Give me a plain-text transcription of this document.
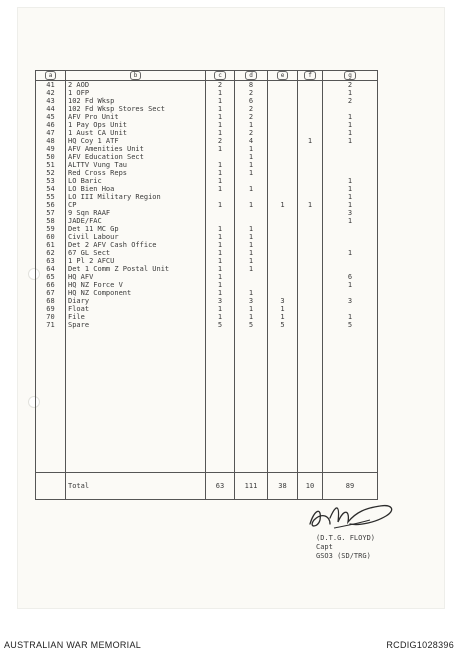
a	b	c	d	e	f	g
41	2 AOD	2	8			2
42	1 OFP	1	2			1
43	102 Fd Wksp	1	6			2
44	102 Fd Wksp Stores Sect	1	2			
45	AFV Pro Unit	1	2			1
46	1 Pay Ops Unit	1	1			1
47	1 Aust CA Unit	1	2			1
48	HQ Coy 1 ATF	2	4		1	1
49	AFV Amenities Unit	1	1			
50	AFV Education Sect		1			
51	ALTTV Vung Tau	1	1			
52	Red Cross Reps	1	1			
53	LO Baric	1				1
54	LO Bien Hoa	1	1			1
55	LO III Military Region					1
56	CP	1	1	1	1	1
57	9 Sqn RAAF					3
58	JADE/FAC					1
59	Det 11 MC Gp	1	1			
60	Civil Labour	1	1			
61	Det 2 AFV Cash Office	1	1			
62	67 GL Sect	1	1			1
63	1 Pl 2 AFCU	1	1			
64	Det 1 Comm Z Postal Unit	1	1			
65	HQ AFV	1				6
66	HQ NZ Force V	1				1
67	HQ NZ Component	1	1			
68	Diary	3	3	3		3
69	Float	1	1	1		
70	File	1	1	1		1
71	Spare	5	5	5		5

	Total	63	111	38	10	89
(D.T.G. FLOYD)
Capt
GSO3 (SD/TRG)
AUSTRALIAN WAR MEMORIAL	RCDIG1028396
